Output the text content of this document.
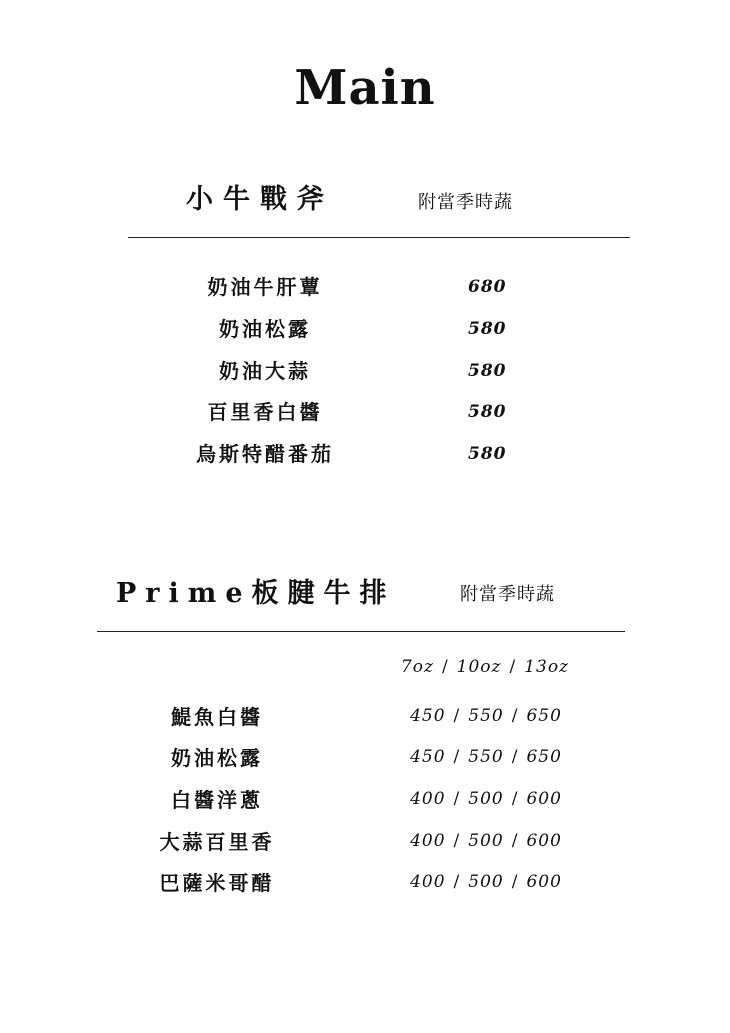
Main
小牛戰斧	附當季時蔬
奶油牛肝蕈	680
奶油松露	580
奶油大蒜	580
百里香白醬	580
烏斯特醋番茄	580
Prime板腱牛排	附當季時蔬
7oz / 10oz / 13oz
鯷魚白醬	450 / 550 / 650
奶油松露	450 / 550 / 650
白醬洋蔥	400 / 500 / 600
大蒜百里香	400 / 500 / 600
巴薩米哥醋	400 / 500 / 600
